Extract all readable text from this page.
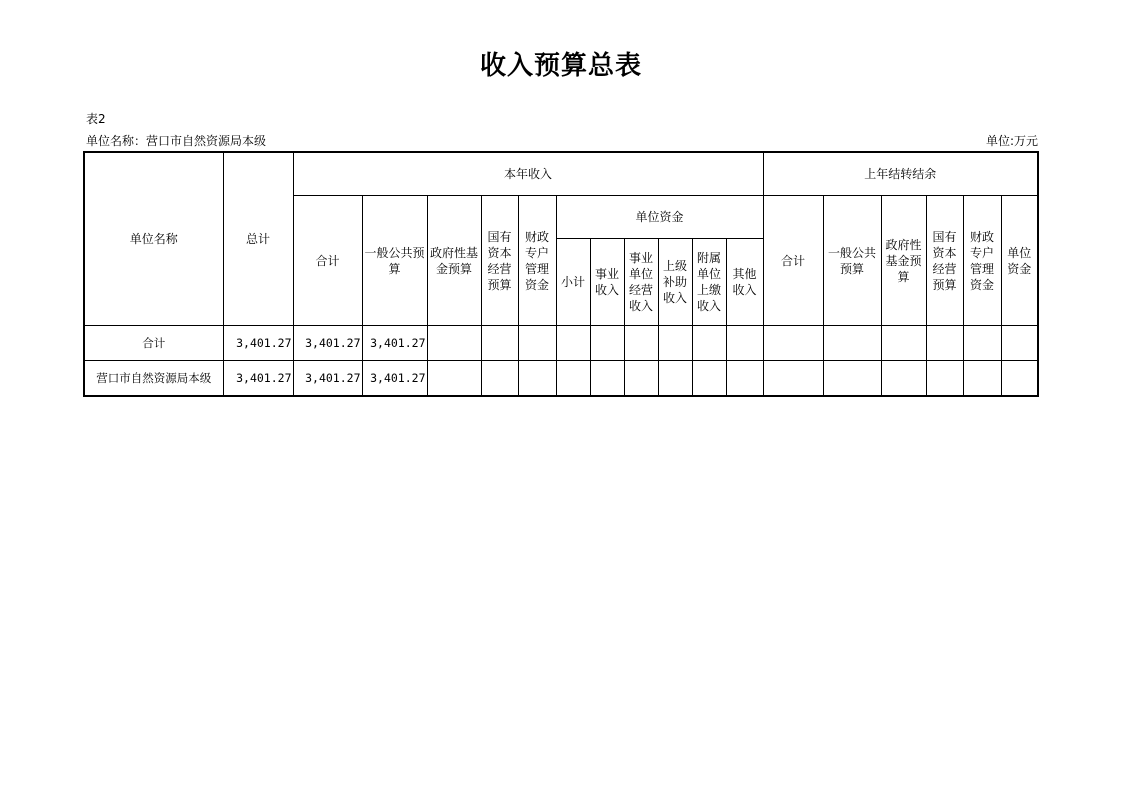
收入预算总表
表2
单位名称：营口市自然资源局本级	单位:万元
单位名称	总计	本年收入											上年结转结余					
		合计	一般公共预算	政府性基金预算	国有资本经营预算	财政专户管理资金	单位资金						合计	一般公共预算	政府性基金预算	国有资本经营预算	财政专户管理资金	单位资金
							小计	事业收入	事业单位经营收入	上级补助收入	附属单位上缴收入	其他收入						
合计	3,401.27	3,401.27	3,401.27															
营口市自然资源局本级	3,401.27	3,401.27	3,401.27															
